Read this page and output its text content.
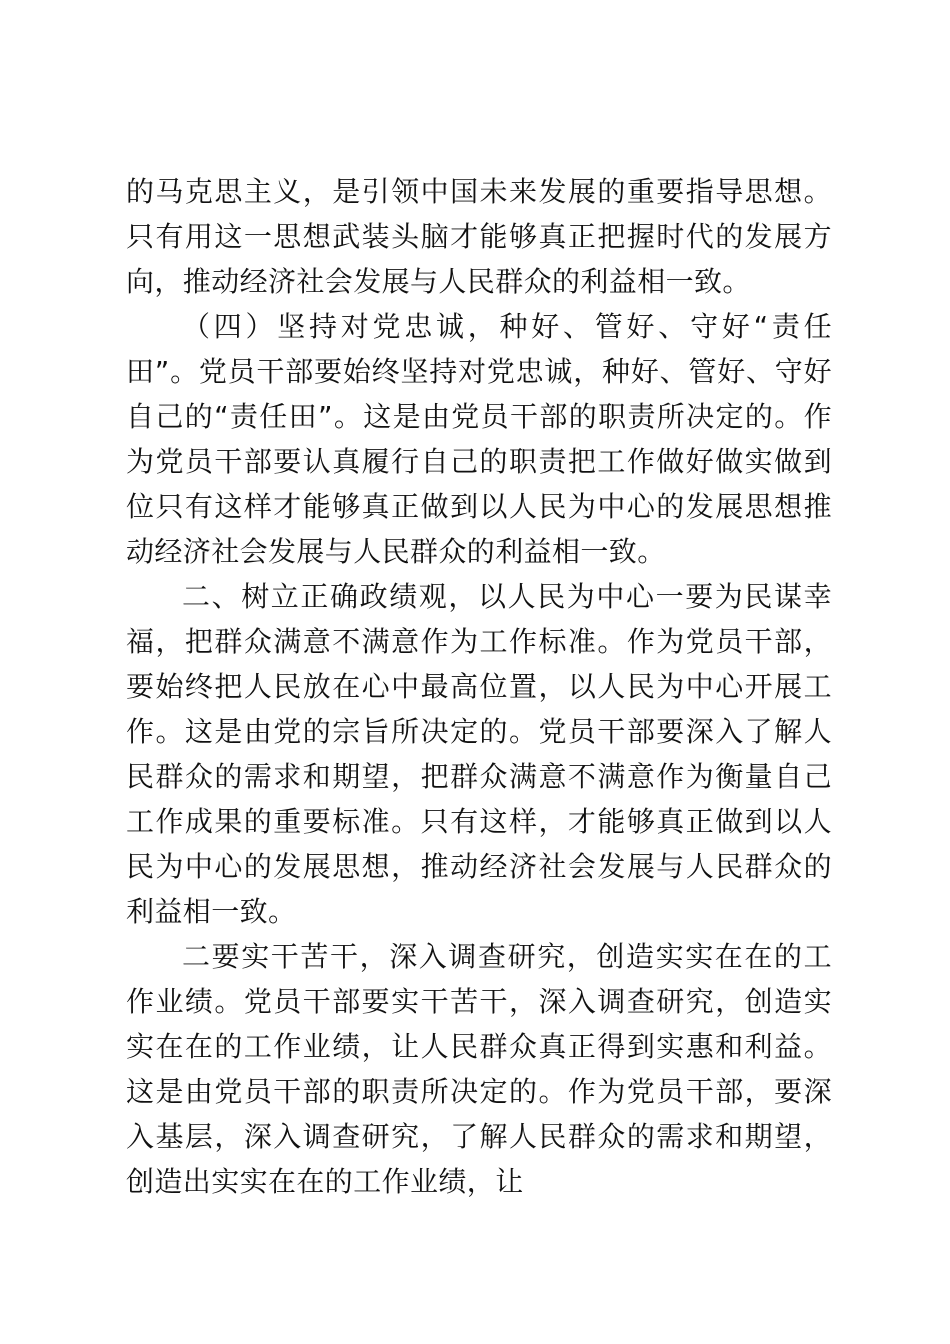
的马克思主义，是引领中国未来发展的重要指导思想。只有用这一思想武装头脑才能够真正把握时代的发展方向，推动经济社会发展与人民群众的利益相一致。

（四）坚持对党忠诚，种好、管好、守好“责任田”。党员干部要始终坚持对党忠诚，种好、管好、守好自己的“责任田”。这是由党员干部的职责所决定的。作为党员干部要认真履行自己的职责把工作做好做实做到位只有这样才能够真正做到以人民为中心的发展思想推动经济社会发展与人民群众的利益相一致。

二、树立正确政绩观，以人民为中心一要为民谋幸福，把群众满意不满意作为工作标准。作为党员干部，要始终把人民放在心中最高位置，以人民为中心开展工作。这是由党的宗旨所决定的。党员干部要深入了解人民群众的需求和期望，把群众满意不满意作为衡量自己工作成果的重要标准。只有这样，才能够真正做到以人民为中心的发展思想，推动经济社会发展与人民群众的利益相一致。

二要实干苦干，深入调查研究，创造实实在在的工作业绩。党员干部要实干苦干，深入调查研究，创造实实在在的工作业绩，让人民群众真正得到实惠和利益。这是由党员干部的职责所决定的。作为党员干部，要深入基层，深入调查研究，了解人民群众的需求和期望，创造出实实在在的工作业绩，让
